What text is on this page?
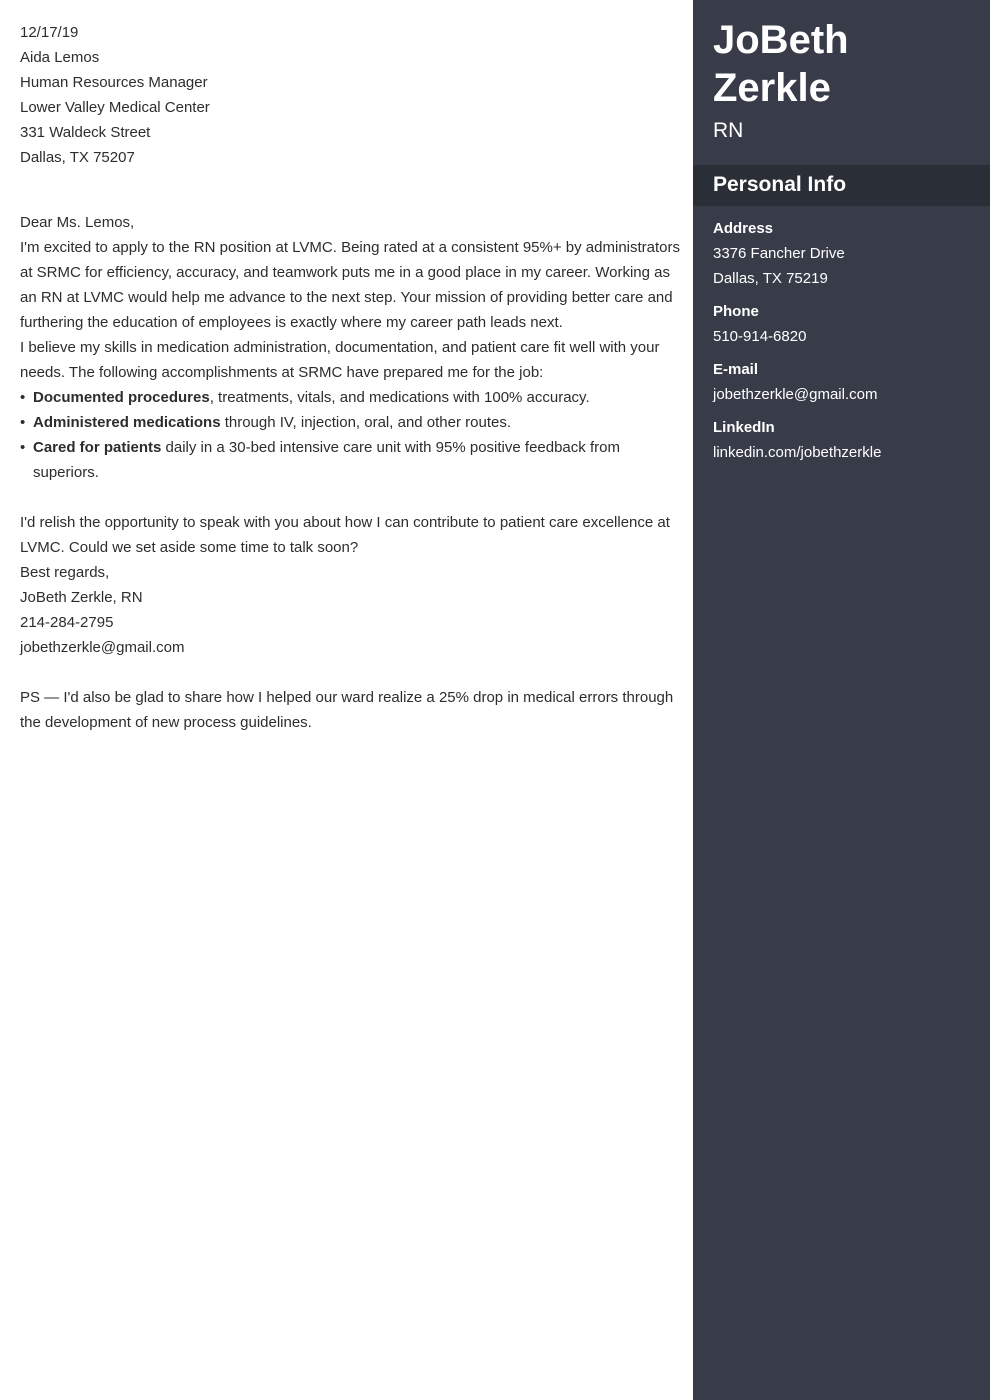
12/17/19

Aida Lemos
Human Resources Manager
Lower Valley Medical Center
331 Waldeck Street
Dallas, TX 75207

Dear Ms. Lemos,

I'm excited to apply to the RN position at LVMC. Being rated at a consistent 95%+ by administrators at SRMC for efficiency, accuracy, and teamwork puts me in a good place in my career. Working as an RN at LVMC would help me advance to the next step. Your mission of providing better care and furthering the education of employees is exactly where my career path leads next.

I believe my skills in medication administration, documentation, and patient care fit well with your needs. The following accomplishments at SRMC have prepared me for the job:

• Documented procedures, treatments, vitals, and medications with 100% accuracy.
• Administered medications through IV, injection, oral, and other routes.
• Cared for patients daily in a 30-bed intensive care unit with 95% positive feedback from superiors.

I'd relish the opportunity to speak with you about how I can contribute to patient care excellence at LVMC. Could we set aside some time to talk soon?

Best regards,

JoBeth Zerkle, RN
214-284-2795
jobethzerkle@gmail.com

PS — I'd also be glad to share how I helped our ward realize a 25% drop in medical errors through the development of new process guidelines.

JoBeth Zerkle
RN
Personal Info
Address
3376 Fancher Drive
Dallas, TX 75219
Phone
510-914-6820
E-mail
jobethzerkle@gmail.com
LinkedIn
linkedin.com/jobethzerkle
